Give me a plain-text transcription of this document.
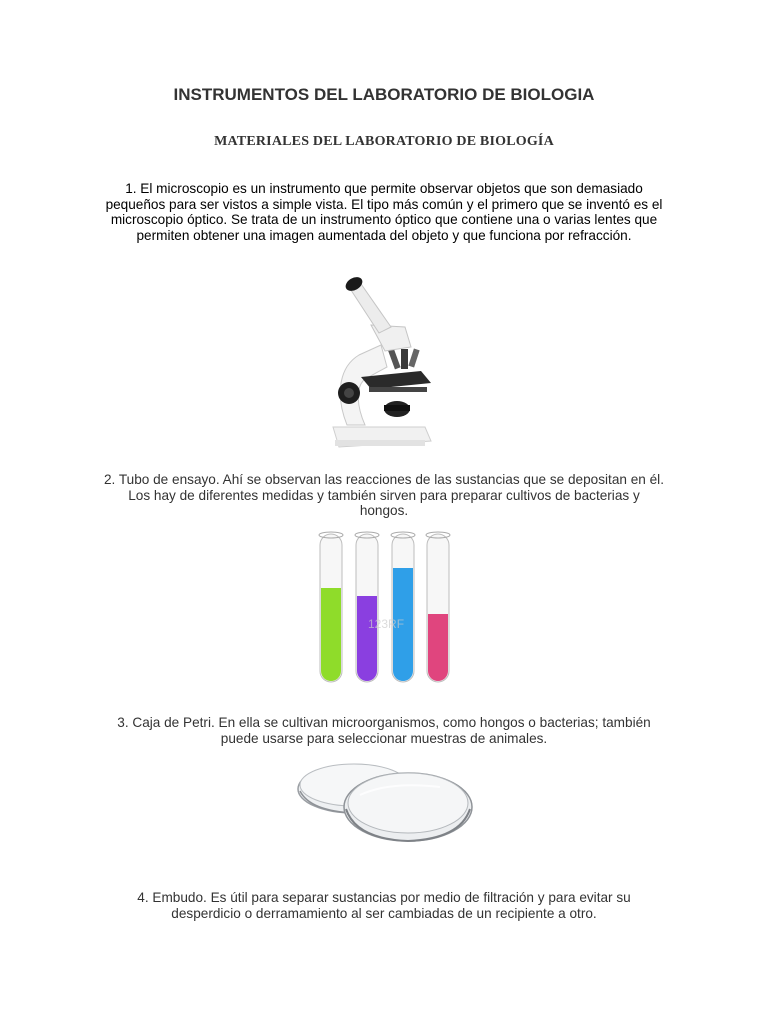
INSTRUMENTOS DEL LABORATORIO DE BIOLOGIA
MATERIALES DEL LABORATORIO DE BIOLOGÍA
1. El microscopio es un instrumento que permite observar objetos que son demasiado pequeños para ser vistos a simple vista. El tipo más común y el primero que se inventó es el microscopio óptico. Se trata de un instrumento óptico que contiene una o varias lentes que permiten obtener una imagen aumentada del objeto y que funciona por refracción.
2. Tubo de ensayo. Ahí se observan las reacciones de las sustancias que se depositan en él. Los hay de diferentes medidas y también sirven para preparar cultivos de bacterias y hongos.
123RF
3. Caja de Petri. En ella se cultivan microorganismos, como hongos o bacterias; también puede usarse para seleccionar muestras de animales.
4. Embudo. Es útil para separar sustancias por medio de filtración y para evitar su desperdicio o derramamiento al ser cambiadas de un recipiente a otro.
